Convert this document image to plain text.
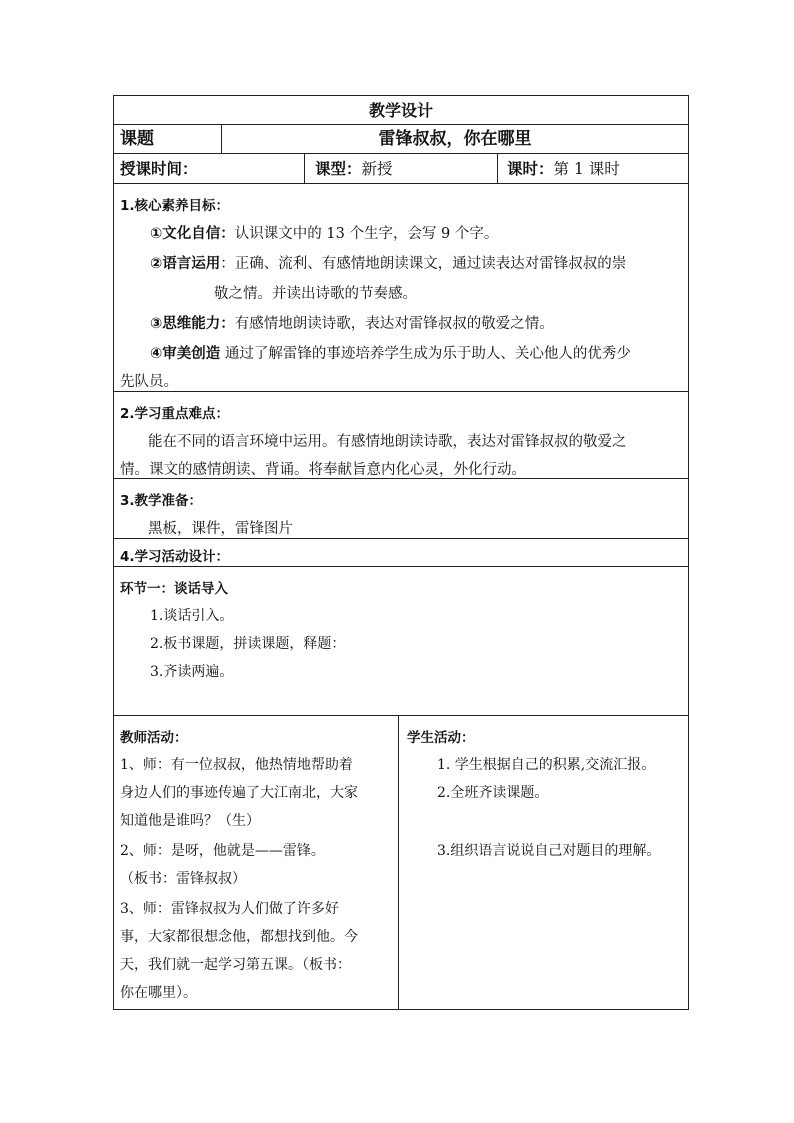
教学设计
课题	雷锋叔叔，你在哪里
授课时间：	课型：新授	课时：第 1 课时
1.核心素养目标：
①文化自信：认识课文中的 13 个生字，会写 9 个字。
②语言运用：正确、流利、有感情地朗读课文，通过读表达对雷锋叔叔的崇
敬之情。并读出诗歌的节奏感。
③思维能力：有感情地朗读诗歌，表达对雷锋叔叔的敬爱之情。
④审美创造 通过了解雷锋的事迹培养学生成为乐于助人、关心他人的优秀少
先队员。
2.学习重点难点：
能在不同的语言环境中运用。有感情地朗读诗歌，表达对雷锋叔叔的敬爱之
情。课文的感情朗读、背诵。将奉献旨意内化心灵，外化行动。
3.教学准备：
黑板，课件，雷锋图片
4.学习活动设计：
环节一：谈话导入
1.谈话引入。
2.板书课题，拼读课题，释题：
3.齐读两遍。
教师活动：
1、师：有一位叔叔，他热情地帮助着
身边人们的事迹传遍了大江南北，大家
知道他是谁吗？（生）
2、师：是呀，他就是——雷锋。
（板书：雷锋叔叔）
3、师：雷锋叔叔为人们做了许多好
事，大家都很想念他，都想找到他。今
天，我们就一起学习第五课。（板书：
你在哪里）。
学生活动：
1. 学生根据自己的积累,交流汇报。
2.全班齐读课题。
3.组织语言说说自己对题目的理解。
